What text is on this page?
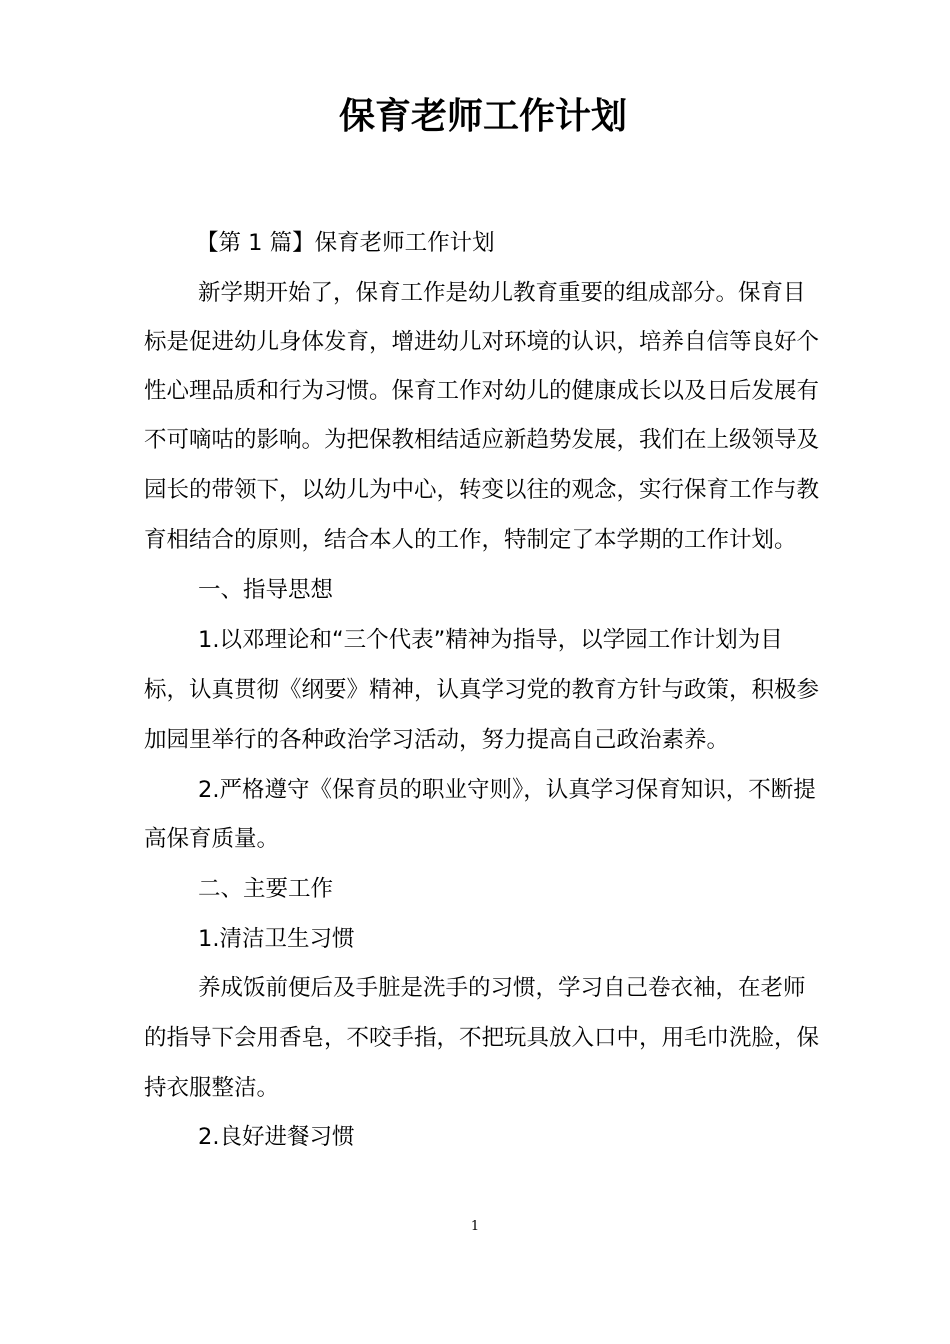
保育老师工作计划
【第 1 篇】保育老师工作计划
新学期开始了，保育工作是幼儿教育重要的组成部分。保育目
标是促进幼儿身体发育，增进幼儿对环境的认识，培养自信等良好个
性心理品质和行为习惯。保育工作对幼儿的健康成长以及日后发展有
不可嘀咕的影响。为把保教相结适应新趋势发展，我们在上级领导及
园长的带领下，以幼儿为中心，转变以往的观念，实行保育工作与教
育相结合的原则，结合本人的工作，特制定了本学期的工作计划。
一、指导思想
1.以邓理论和“三个代表”精神为指导，以学园工作计划为目
标，认真贯彻《纲要》精神，认真学习党的教育方针与政策，积极参
加园里举行的各种政治学习活动，努力提高自己政治素养。
2.严格遵守《保育员的职业守则》，认真学习保育知识，不断提
高保育质量。
二、主要工作
1.清洁卫生习惯
养成饭前便后及手脏是洗手的习惯，学习自己卷衣袖，在老师
的指导下会用香皂，不咬手指，不把玩具放入口中，用毛巾洗脸，保
持衣服整洁。
2.良好进餐习惯
1
